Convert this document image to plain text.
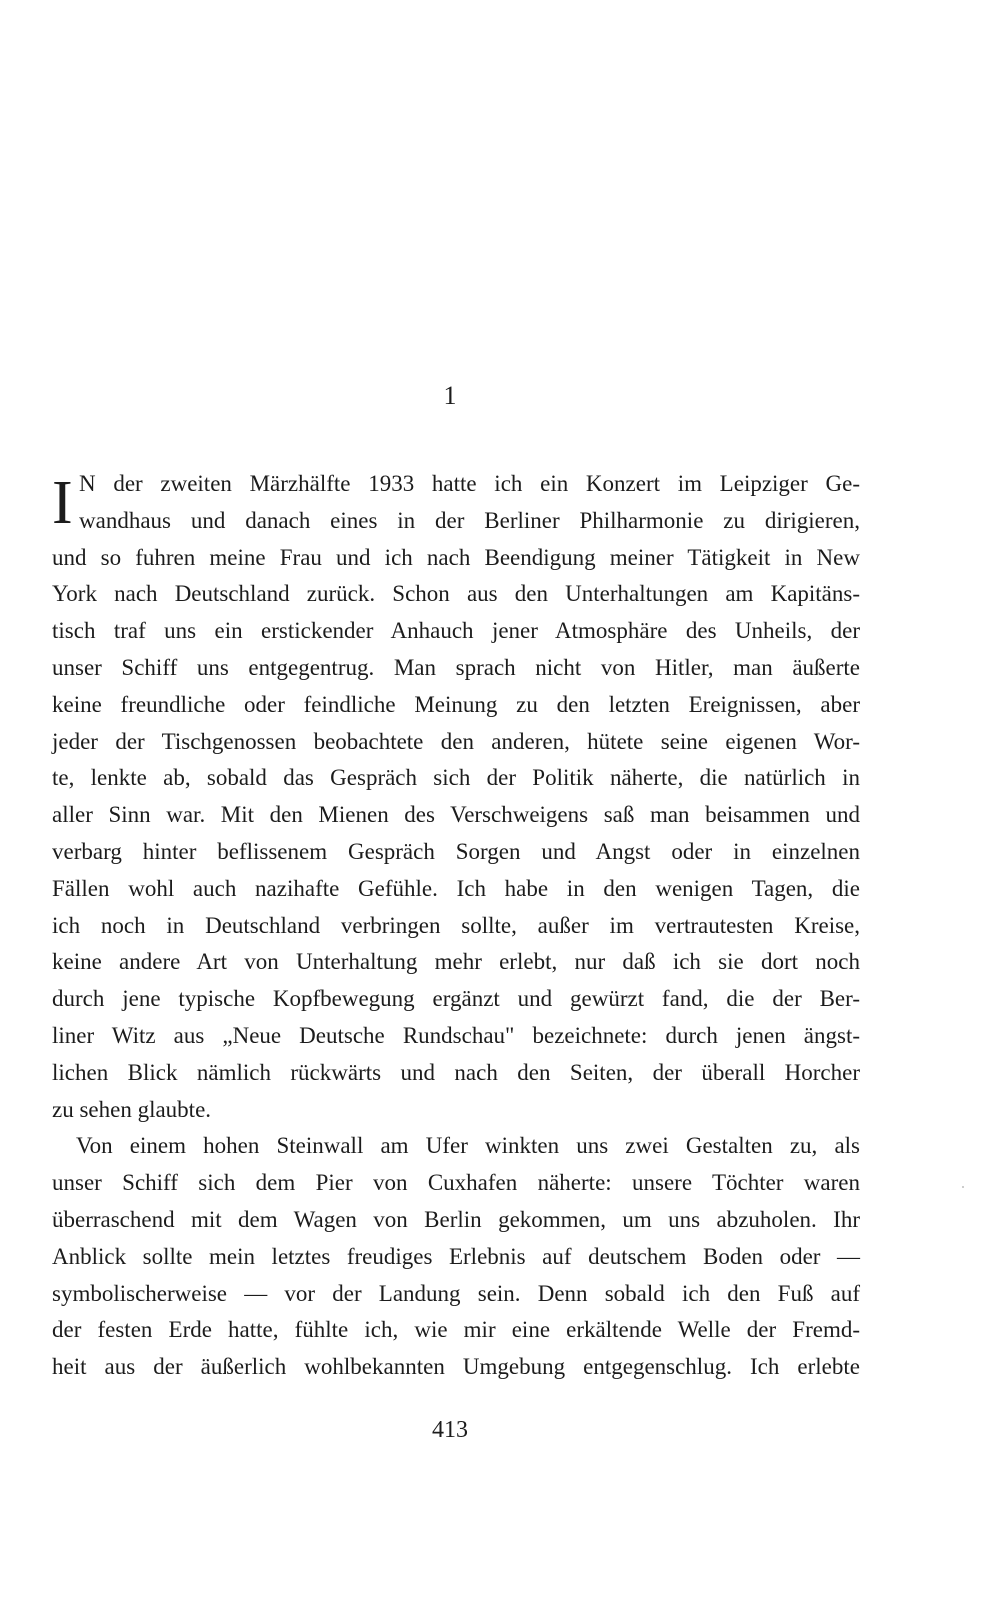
1
I N der zweiten Märzhälfte 1933 hatte ich ein Konzert im Leipziger Ge-
wandhaus und danach eines in der Berliner Philharmonie zu dirigieren,
und so fuhren meine Frau und ich nach Beendigung meiner Tätigkeit in New
York nach Deutschland zurück. Schon aus den Unterhaltungen am Kapitäns-
tisch traf uns ein erstickender Anhauch jener Atmosphäre des Unheils, der
unser Schiff uns entgegentrug. Man sprach nicht von Hitler, man äußerte
keine freundliche oder feindliche Meinung zu den letzten Ereignissen, aber
jeder der Tischgenossen beobachtete den anderen, hütete seine eigenen Wor-
te, lenkte ab, sobald das Gespräch sich der Politik näherte, die natürlich in
aller Sinn war. Mit den Mienen des Verschweigens saß man beisammen und
verbarg hinter beflissenem Gespräch Sorgen und Angst oder in einzelnen
Fällen wohl auch nazihafte Gefühle. Ich habe in den wenigen Tagen, die
ich noch in Deutschland verbringen sollte, außer im vertrautesten Kreise,
keine andere Art von Unterhaltung mehr erlebt, nur daß ich sie dort noch
durch jene typische Kopfbewegung ergänzt und gewürzt fand, die der Ber-
liner Witz aus „Neue Deutsche Rundschau" bezeichnete: durch jenen ängst-
lichen Blick nämlich rückwärts und nach den Seiten, der überall Horcher
zu sehen glaubte.
Von einem hohen Steinwall am Ufer winkten uns zwei Gestalten zu, als
unser Schiff sich dem Pier von Cuxhafen näherte: unsere Töchter waren
überraschend mit dem Wagen von Berlin gekommen, um uns abzuholen. Ihr
Anblick sollte mein letztes freudiges Erlebnis auf deutschem Boden oder —
symbolischerweise — vor der Landung sein. Denn sobald ich den Fuß auf
der festen Erde hatte, fühlte ich, wie mir eine erkältende Welle der Fremd-
heit aus der äußerlich wohlbekannten Umgebung entgegenschlug. Ich erlebte
413
